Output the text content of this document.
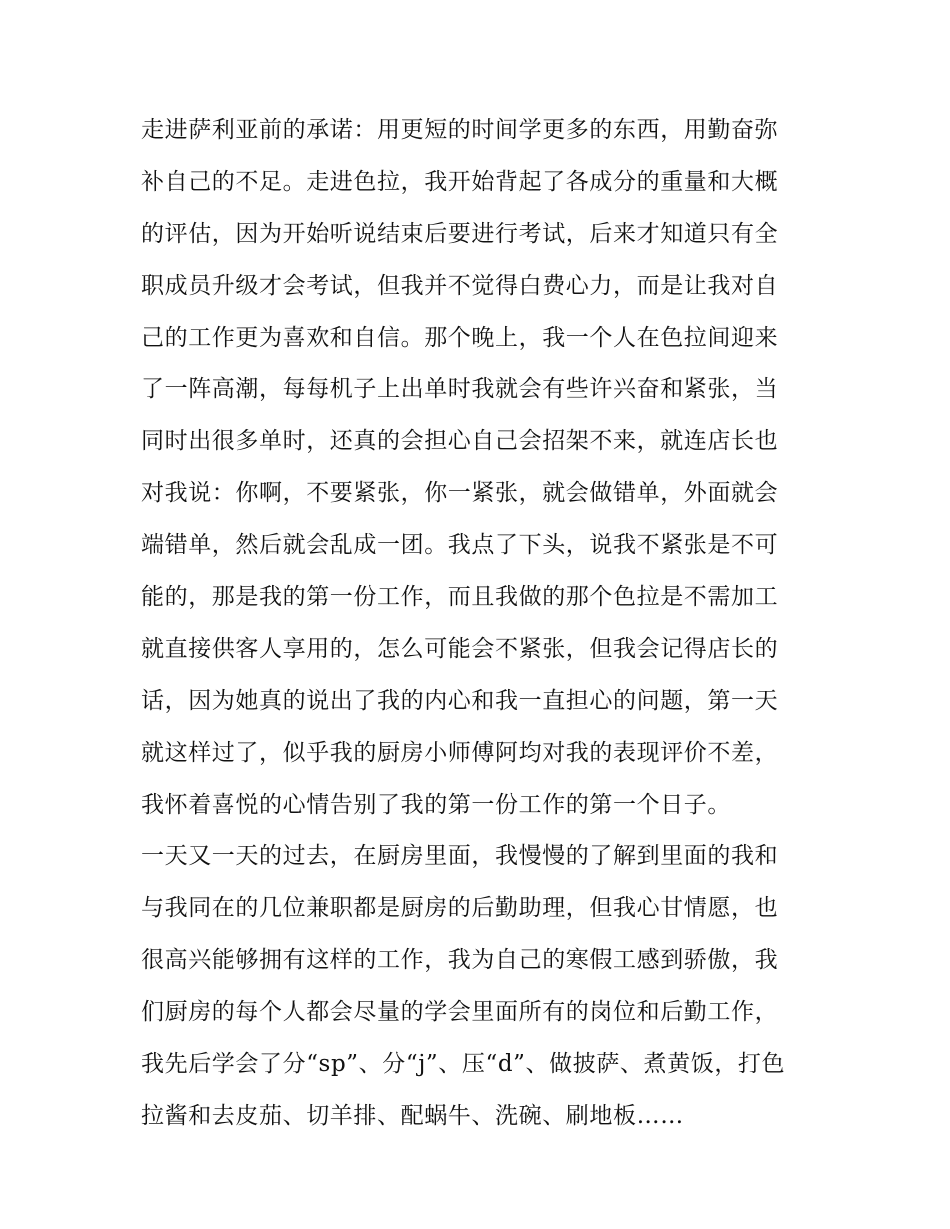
走进萨利亚前的承诺：用更短的时间学更多的东西，用勤奋弥
补自己的不足。走进色拉，我开始背起了各成分的重量和大概
的评估，因为开始听说结束后要进行考试，后来才知道只有全
职成员升级才会考试，但我并不觉得白费心力，而是让我对自
己的工作更为喜欢和自信。那个晚上，我一个人在色拉间迎来
了一阵高潮，每每机子上出单时我就会有些许兴奋和紧张，当
同时出很多单时，还真的会担心自己会招架不来，就连店长也
对我说：你啊，不要紧张，你一紧张，就会做错单，外面就会
端错单，然后就会乱成一团。我点了下头，说我不紧张是不可
能的，那是我的第一份工作，而且我做的那个色拉是不需加工
就直接供客人享用的，怎么可能会不紧张，但我会记得店长的
话，因为她真的说出了我的内心和我一直担心的问题，第一天
就这样过了，似乎我的厨房小师傅阿均对我的表现评价不差，
我怀着喜悦的心情告别了我的第一份工作的第一个日子。
一天又一天的过去，在厨房里面，我慢慢的了解到里面的我和
与我同在的几位兼职都是厨房的后勤助理，但我心甘情愿，也
很高兴能够拥有这样的工作，我为自己的寒假工感到骄傲，我
们厨房的每个人都会尽量的学会里面所有的岗位和后勤工作，
我先后学会了分“sp”、分“j”、压“d”、做披萨、煮黄饭，打色
拉酱和去皮茄、切羊排、配蜗牛、洗碗、刷地板……
